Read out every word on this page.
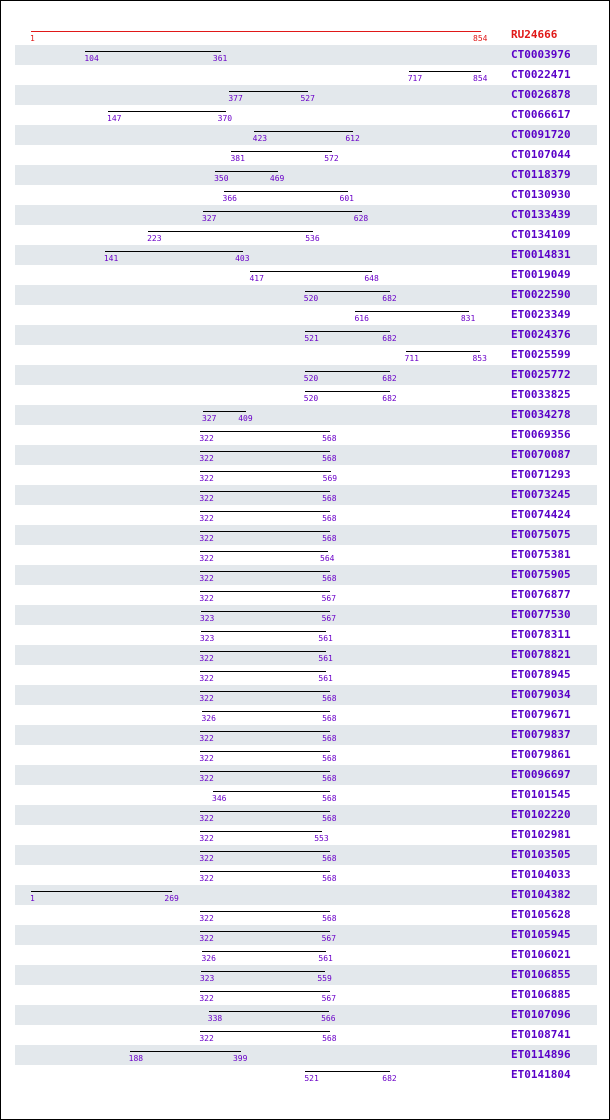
1	854 RU24666
104	361	CT0003976
717	854 CT0022471
377	527	CT0026878
147	370	CT0066617
423	612	CT0091720
381	572	CT0107044
350	469	CT0118379
366	601	CT0130930
327	628	CT0133439
223	536	CT0134109
141	403	ET0014831
417	648	ET0019049
520	682	ET0022590
616	831	ET0023349
521	682	ET0024376
711	853 ET0025599
520	682	ET0025772
520	682	ET0033825
327	409	ET0034278
322	568	ET0069356
322	568	ET0070087
322	569	ET0071293
322	568	ET0073245
322	568	ET0074424
322	568	ET0075075
322	564	ET0075381
322	568	ET0075905
322	567	ET0076877
323	567	ET0077530
323	561	ET0078311
322	561	ET0078821
322	561	ET0078945
322	568	ET0079034
326	568	ET0079671
322	568	ET0079837
322	568	ET0079861
322	568	ET0096697
346	568	ET0101545
322	568	ET0102220
322	553	ET0102981
322	568	ET0103505
322	568	ET0104033
1	269	ET0104382
322	568	ET0105628
322	567	ET0105945
326	561	ET0106021
323	559	ET0106855
322	567	ET0106885
338	566	ET0107096
322	568	ET0108741
188	399	ET0114896
521	682	ET0141804
